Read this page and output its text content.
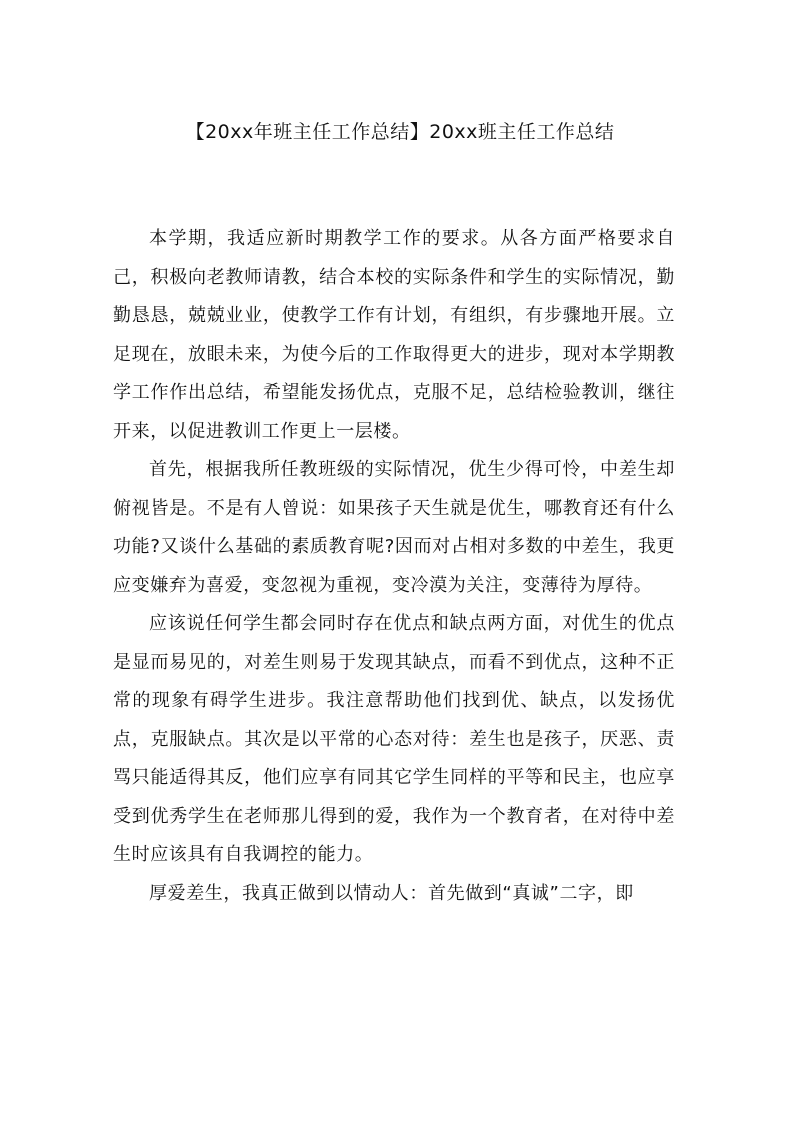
【20xx年班主任工作总结】20xx班主任工作总结

本学期，我适应新时期教学工作的要求。从各方面严格要求自己，积极向老教师请教，结合本校的实际条件和学生的实际情况，勤勤恳恳，兢兢业业，使教学工作有计划，有组织，有步骤地开展。立足现在，放眼未来，为使今后的工作取得更大的进步，现对本学期教学工作作出总结，希望能发扬优点，克服不足，总结检验教训，继往开来，以促进教训工作更上一层楼。

首先，根据我所任教班级的实际情况，优生少得可怜，中差生却俯视皆是。不是有人曾说：如果孩子天生就是优生，哪教育还有什么功能?又谈什么基础的素质教育呢?因而对占相对多数的中差生，我更应变嫌弃为喜爱，变忽视为重视，变冷漠为关注，变薄待为厚待。

应该说任何学生都会同时存在优点和缺点两方面，对优生的优点是显而易见的，对差生则易于发现其缺点，而看不到优点，这种不正常的现象有碍学生进步。我注意帮助他们找到优、缺点，以发扬优点，克服缺点。其次是以平常的心态对待：差生也是孩子，厌恶、责骂只能适得其反，他们应享有同其它学生同样的平等和民主，也应享受到优秀学生在老师那儿得到的爱，我作为一个教育者，在对待中差生时应该具有自我调控的能力。

厚爱差生，我真正做到以情动人：首先做到“真诚”二字，即
